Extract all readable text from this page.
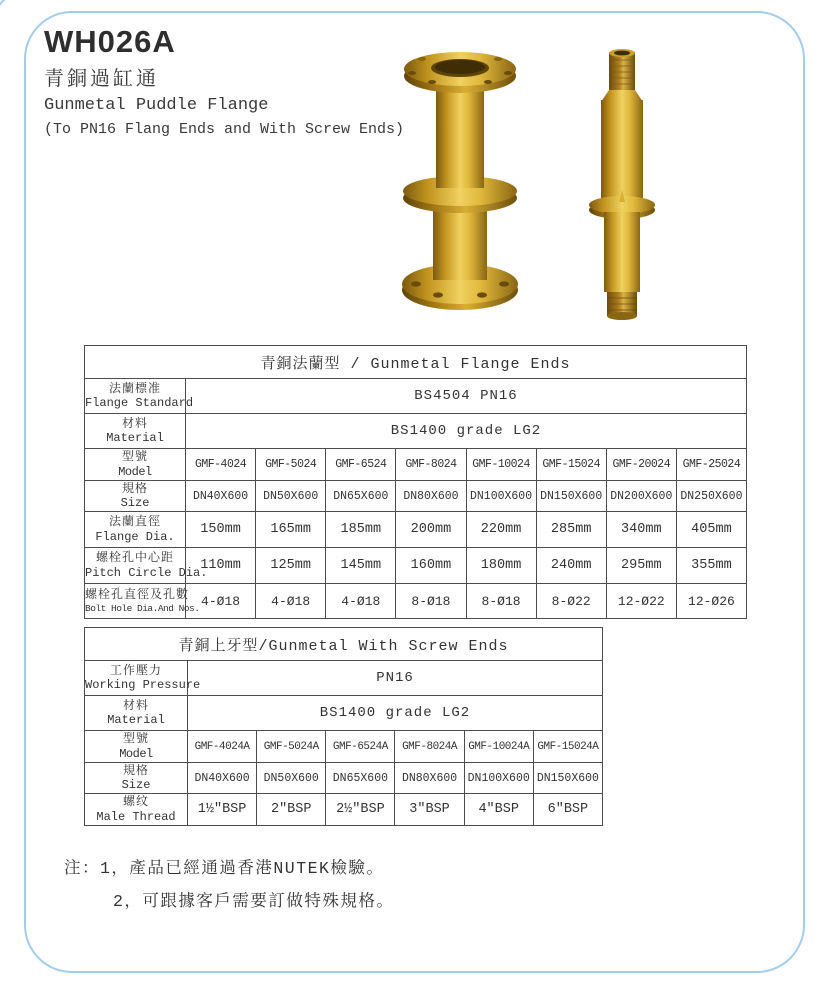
WH026A
青銅過缸通
Gunmetal Puddle Flange
(To PN16 Flang Ends and With Screw Ends)
青銅法蘭型 / Gunmetal Flange Ends								

法蘭標准
Flange Standard	BS4504 PN16							

材料
Material	BS1400 grade LG2							

型號
Model	GMF-4024	GMF-5024	GMF-6524	GMF-8024	GMF-10024	GMF-15024	GMF-20024	GMF-25024

規格
Size	DN40X600	DN50X600	DN65X600	DN80X600	DN100X600	DN150X600	DN200X600	DN250X600

法蘭直徑
Flange Dia.	150mm	165mm	185mm	200mm	220mm	285mm	340mm	405mm

螺栓孔中心距
Pitch Circle Dia.	110mm	125mm	145mm	160mm	180mm	240mm	295mm	355mm

螺栓孔直徑及孔數
Bolt Hole Dia.And Nos.	4-Ø18	4-Ø18	4-Ø18	8-Ø18	8-Ø18	8-Ø22	12-Ø22	12-Ø26
青銅上牙型/Gunmetal With Screw Ends						

工作壓力
Working Pressure	PN16					

材料
Material	BS1400 grade LG2					

型號
Model	GMF-4024A	GMF-5024A	GMF-6524A	GMF-8024A	GMF-10024A	GMF-15024A

規格
Size	DN40X600	DN50X600	DN65X600	DN80X600	DN100X600	DN150X600

螺纹
Male Thread	1½″BSP	2″BSP	2½″BSP	3″BSP	4″BSP	6″BSP
注：1，產品已經通過香港NUTEK檢驗。
2，可跟據客戶需要訂做特殊規格。
